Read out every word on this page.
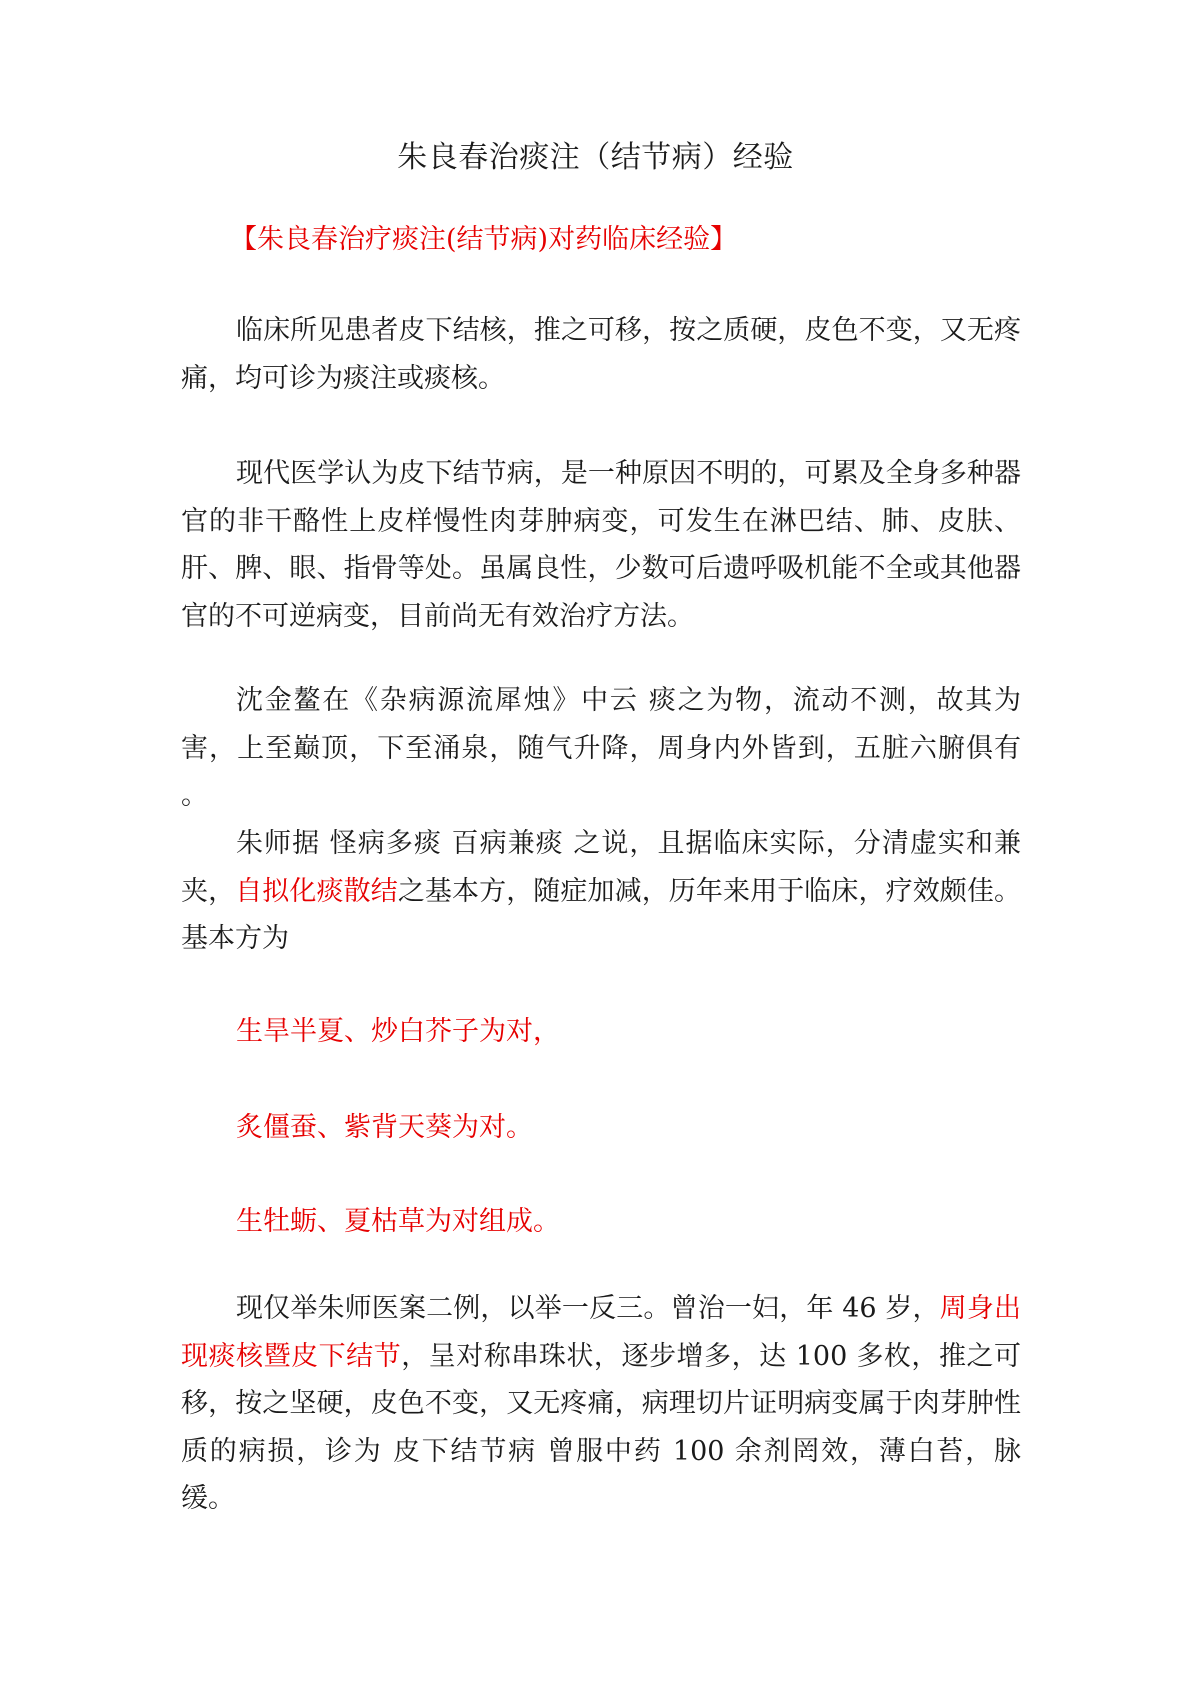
朱良春治痰注（结节病）经验
【朱良春治疗痰注(结节病)对药临床经验】
临床所见患者皮下结核，推之可移，按之质硬，皮色不变，又无疼痛，均可诊为痰注或痰核。
现代医学认为皮下结节病，是一种原因不明的，可累及全身多种器官的非干酪性上皮样慢性肉芽肿病变，可发生在淋巴结、肺、皮肤、肝、脾、眼、指骨等处。虽属良性，少数可后遗呼吸机能不全或其他器官的不可逆病变，目前尚无有效治疗方法。
沈金鳌在《杂病源流犀烛》中云 痰之为物，流动不测，故其为害，上至巅顶，下至涌泉，随气升降，周身内外皆到，五脏六腑俱有 。
朱师据 怪病多痰 百病兼痰 之说，且据临床实际，分清虚实和兼夹，自拟化痰散结之基本方，随症加减，历年来用于临床，疗效颇佳。基本方为
生旱半夏、炒白芥子为对，
炙僵蚕、紫背天葵为对。
生牡蛎、夏枯草为对组成。
现仅举朱师医案二例，以举一反三。曾治一妇，年 46 岁，周身出现痰核暨皮下结节，呈对称串珠状，逐步增多，达 100 多枚，推之可移，按之坚硬，皮色不变，又无疼痛，病理切片证明病变属于肉芽肿性质的病损，诊为 皮下结节病 曾服中药 100 余剂罔效，薄白苔，脉缓。
